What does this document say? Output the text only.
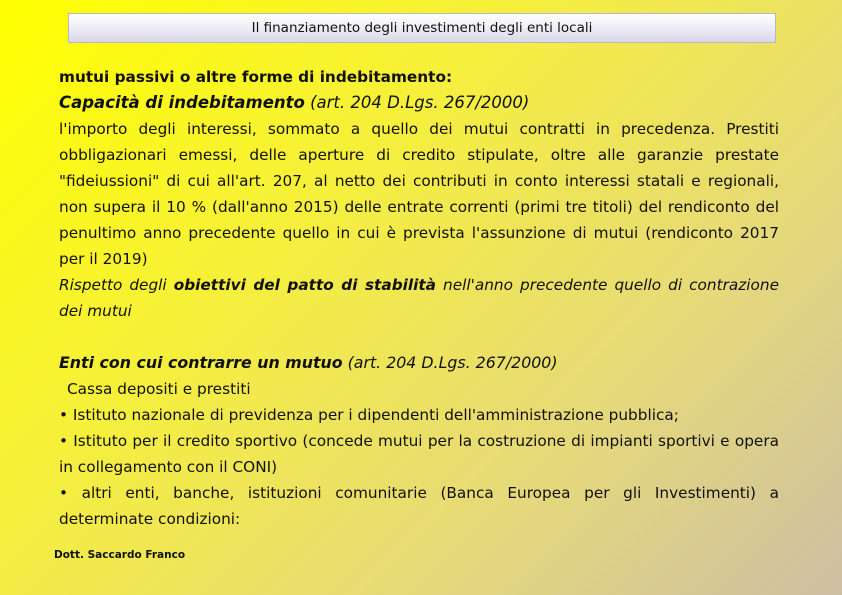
Il finanziamento degli investimenti degli enti locali

mutui passivi o altre forme di indebitamento:

Capacità di indebitamento (art. 204 D.Lgs. 267/2000)

l'importo degli interessi, sommato a quello dei mutui contratti in precedenza. Prestiti obbligazionari emessi, delle aperture di credito stipulate, oltre alle garanzie prestate "fideiussioni" di cui all'art. 207, al netto dei contributi in conto interessi statali e regionali, non supera il 10 % (dall'anno 2015) delle entrate correnti (primi tre titoli) del rendiconto del penultimo anno precedente quello in cui è prevista l'assunzione di mutui (rendiconto 2017 per il 2019)

Rispetto degli obiettivi del patto di stabilità nell'anno precedente quello di contrazione dei mutui

Enti con cui contrarre un mutuo (art. 204 D.Lgs. 267/2000)

Cassa depositi e prestiti

• Istituto nazionale di previdenza per i dipendenti dell'amministrazione pubblica;

• Istituto per il credito sportivo (concede mutui per la costruzione di impianti sportivi e opera in collegamento con il CONI)

• altri enti, banche, istituzioni comunitarie (Banca Europea per gli Investimenti) a determinate condizioni:

Dott. Saccardo Franco
